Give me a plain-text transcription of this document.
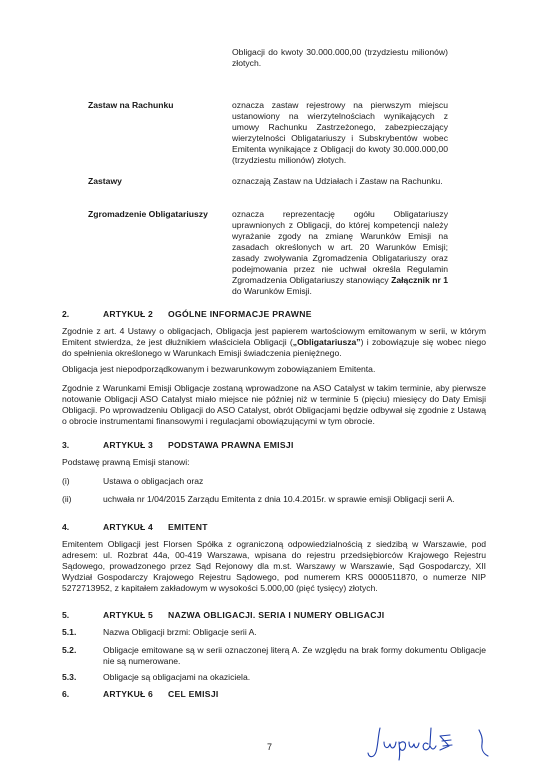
Obligacji do kwoty 30.000.000,00 (trzydziestu milionów) złotych.

Zastaw na Rachunku	oznacza zastaw rejestrowy na pierwszym miejscu ustanowiony na wierzytelnościach wynikających z umowy Rachunku Zastrzeżonego, zabezpieczający wierzytelności Obligatariuszy i Subskrybentów wobec Emitenta wynikające z Obligacji do kwoty 30.000.000,00 (trzydziestu milionów) złotych.

Zastawy	oznaczają Zastaw na Udziałach i Zastaw na Rachunku.

Zgromadzenie Obligatariuszy	oznacza reprezentację ogółu Obligatariuszy uprawnionych z Obligacji, do której kompetencji należy wyrażanie zgody na zmianę Warunków Emisji na zasadach określonych w art. 20 Warunków Emisji; zasady zwoływania Zgromadzenia Obligatariuszy oraz podejmowania przez nie uchwał określa Regulamin Zgromadzenia Obligatariuszy stanowiący Załącznik nr 1 do Warunków Emisji.

2.	ARTYKUŁ 2 OGÓLNE INFORMACJE PRAWNE

Zgodnie z art. 4 Ustawy o obligacjach, Obligacja jest papierem wartościowym emitowanym w serii, w którym Emitent stwierdza, że jest dłużnikiem właściciela Obligacji („Obligatariusza”) i zobowiązuje się wobec niego do spełnienia określonego w Warunkach Emisji świadczenia pieniężnego.

Obligacja jest niepodporządkowanym i bezwarunkowym zobowiązaniem Emitenta.

Zgodnie z Warunkami Emisji Obligacje zostaną wprowadzone na ASO Catalyst w takim terminie, aby pierwsze notowanie Obligacji ASO Catalyst miało miejsce nie później niż w terminie 5 (pięciu) miesięcy do Daty Emisji Obligacji. Po wprowadzeniu Obligacji do ASO Catalyst, obrót Obligacjami będzie odbywał się zgodnie z Ustawą o obrocie instrumentami finansowymi i regulacjami obowiązującymi w tym obrocie.

3.	ARTYKUŁ 3 PODSTAWA PRAWNA EMISJI

Podstawę prawną Emisji stanowi:

(i)	Ustawa o obligacjach oraz

(ii)	uchwała nr 1/04/2015 Zarządu Emitenta z dnia 10.4.2015r. w sprawie emisji Obligacji serii A.

4.	ARTYKUŁ 4 EMITENT

Emitentem Obligacji jest Florsen Spółka z ograniczoną odpowiedzialnością z siedzibą w Warszawie, pod adresem: ul. Rozbrat 44a, 00-419 Warszawa, wpisana do rejestru przedsiębiorców Krajowego Rejestru Sądowego, prowadzonego przez Sąd Rejonowy dla m.st. Warszawy w Warszawie, Sąd Gospodarczy, XII Wydział Gospodarczy Krajowego Rejestru Sądowego, pod numerem KRS 0000511870, o numerze NIP 5272713952, z kapitałem zakładowym w wysokości 5.000,00 (pięć tysięcy) złotych.

5.	ARTYKUŁ 5 NAZWA OBLIGACJI. SERIA I NUMERY OBLIGACJI
5.1.	Nazwa Obligacji brzmi: Obligacje serii A.

5.2.	Obligacje emitowane są w serii oznaczonej literą A. Ze względu na brak formy dokumentu Obligacje nie są numerowane.

5.3.	Obligacje są obligacjami na okaziciela.

6.	ARTYKUŁ 6 CEL EMISJI
7
